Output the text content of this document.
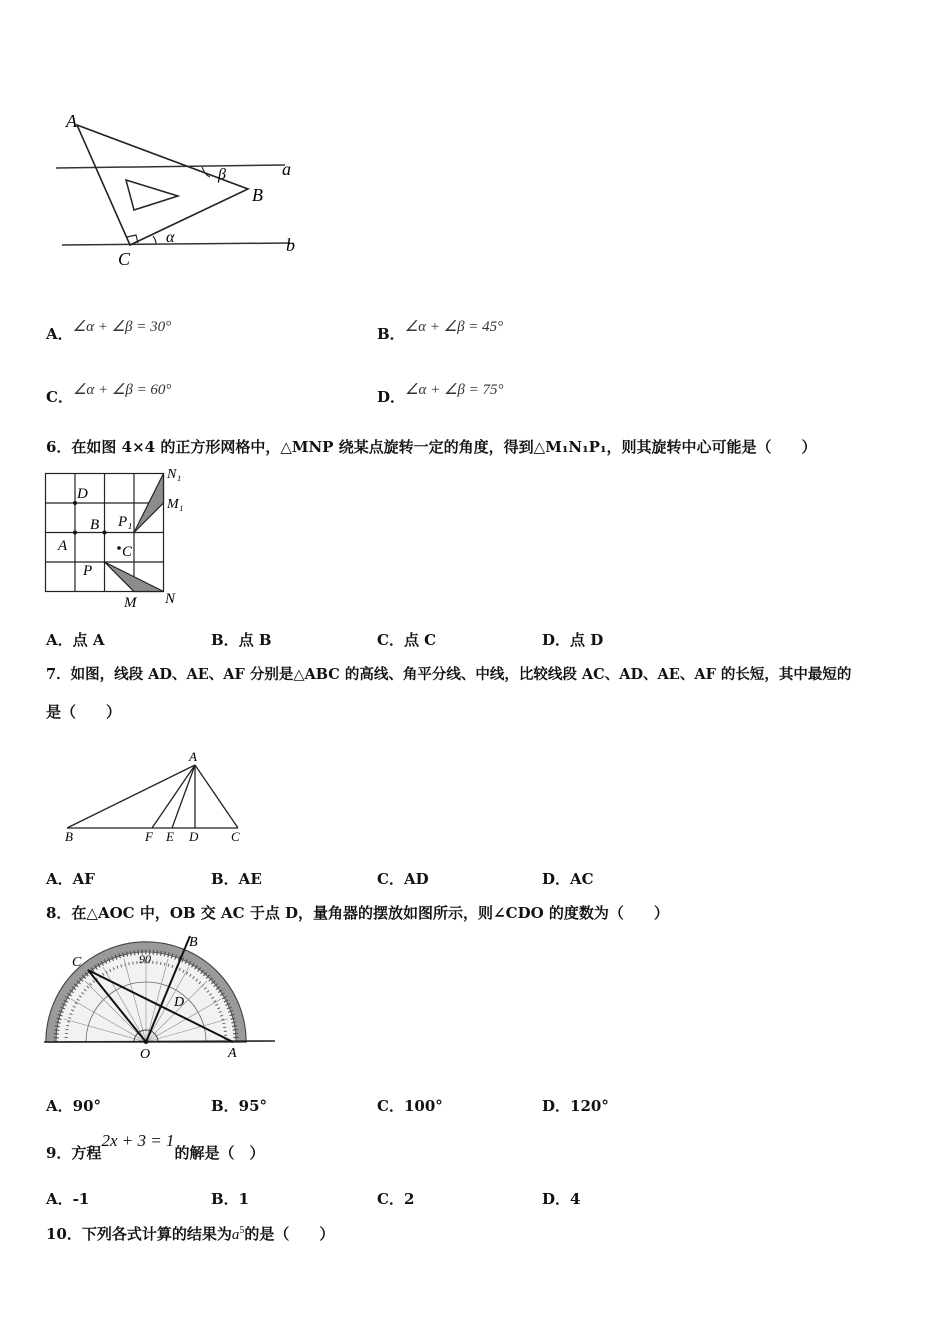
A
B
C
a
b
β
α
A．∠α + ∠β = 30°	B．∠α + ∠β = 45°
C．∠α + ∠β = 60°	D．∠α + ∠β = 75°
6．在如图 4×4 的正方形网格中，△MNP 绕某点旋转一定的角度，得到△M₁N₁P₁，则其旋转中心可能是（　　）
N₁
M₁
D
B P₁
A	C
P
M N
A．点 A	B．点 B	C．点 C	D．点 D
7．如图，线段 AD、AE、AF 分别是△ABC 的高线、角平分线、中线，比较线段 AC、AD、AE、AF 的长短，其中最短的
是（　　）
A
B	F E D	C
A．AF	B．AE	C．AD	D．AC
8．在△AOC 中，OB 交 AC 于点 D，量角器的摆放如图所示，则∠CDO 的度数为（　　）
90
B
C
D
O	A
A．90°	B．95°	C．100°	D．120°
9．方程2x + 3 = 1的解是（　）
A．-1	B．1	C．2	D．4
10．下列各式计算的结果为$a^5$的是（　　）
